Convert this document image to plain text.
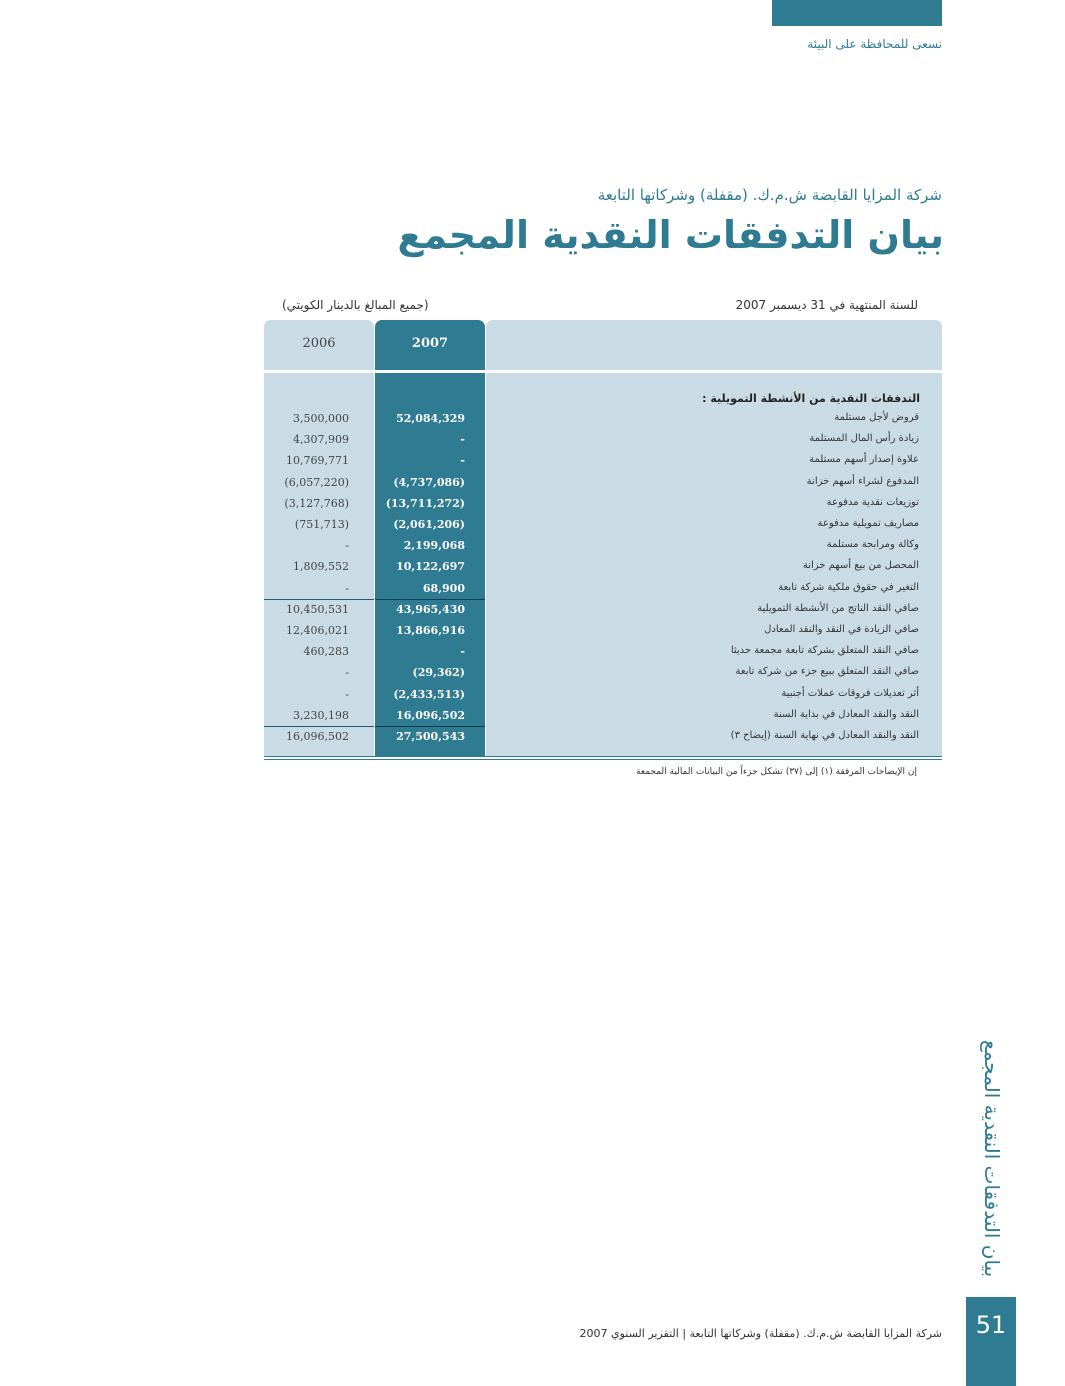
نسعى للمحافظة على البيئة
شركة المزايا القابضة ش.م.ك. (مقفلة) وشركاتها التابعة
بيان التدفقات النقدية المجمع
للسنة المنتهية في 31 ديسمبر 2007
(جميع المبالغ بالدينار الكويتي)
2006	2007
التدفقات النقدية من الأنشطة التمويلية :
3,500,000	52,084,329	قروض لأجل مستلمة
4,307,909	-	زيادة رأس المال المستلمة
10,769,771	-	علاوة إصدار أسهم مستلمة
(6,057,220)	(4,737,086)	المدفوع لشراء أسهم خزانة
(3,127,768)	(13,711,272)	توزيعات نقدية مدفوعة
(751,713)	(2,061,206)	مصاريف تمويلية مدفوعة
-	2,199,068	وكالة ومرابحة مستلمة
1,809,552	10,122,697	المحصل من بيع أسهم خزانة
-	68,900	التغير في حقوق ملكية شركة تابعة
10,450,531	43,965,430	صافي النقد الناتج من الأنشطة التمويلية
12,406,021	13,866,916	صافي الزيادة في النقد والنقد المعادل
460,283	-	صافي النقد المتعلق بشركة تابعة مجمعة حديثا
-	(29,362)	صافي النقد المتعلق ببيع جزء من شركة تابعة
-	(2,433,513)	أثر تعديلات فروقات عملات أجنبية
3,230,198	16,096,502	النقد والنقد المعادل في بداية السنة
16,096,502	27,500,543	النقد والنقد المعادل في نهاية السنة (إيضاح ٣)
إن الإيضاحات المرفقة (١) إلى (٣٧) تشكل جزءاً من البيانات المالية المجمعة
بيان التدفقات النقدية المجمع
51
شركة المزايا القابضة ش.م.ك. (مقفلة) وشركاتها التابعة | التقرير السنوي 2007
